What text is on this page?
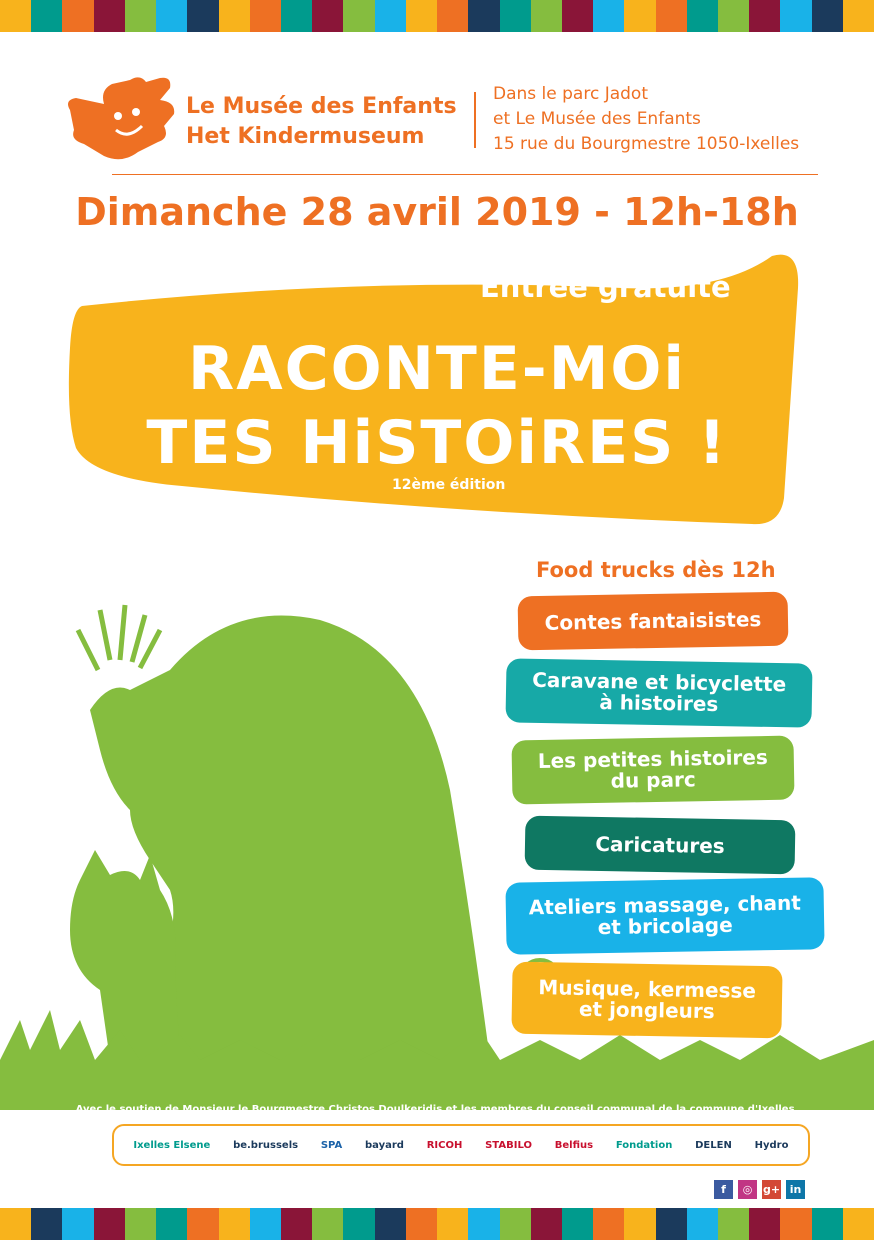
Le Musée des Enfants
Het Kindermuseum
Dans le parc Jadot
et Le Musée des Enfants
15 rue du Bourgmestre 1050-Ixelles
Dimanche 28 avril 2019 - 12h-18h
Entrée gratuite
RACONTE-MOi
TES HiSTOiRES !
12ème édition
Food trucks dès 12h
Contes fantaisistes
Caravane et bicyclette
à histoires
Les petites histoires
du parc
Caricatures
Ateliers massage, chant
et bricolage
Musique, kermesse
et jongleurs
Avec le soutien de Monsieur le Bourgmestre Christos Doulkeridis et les membres du conseil communal de la commune d'Ixelles.
Ixelles Elsene be.brussels SPA bayard RICOH STABILO Belfius Fondation DELEN Hydro
www.museedesenfants.be - www.kindermuseum.be	f	◎ g+ in
